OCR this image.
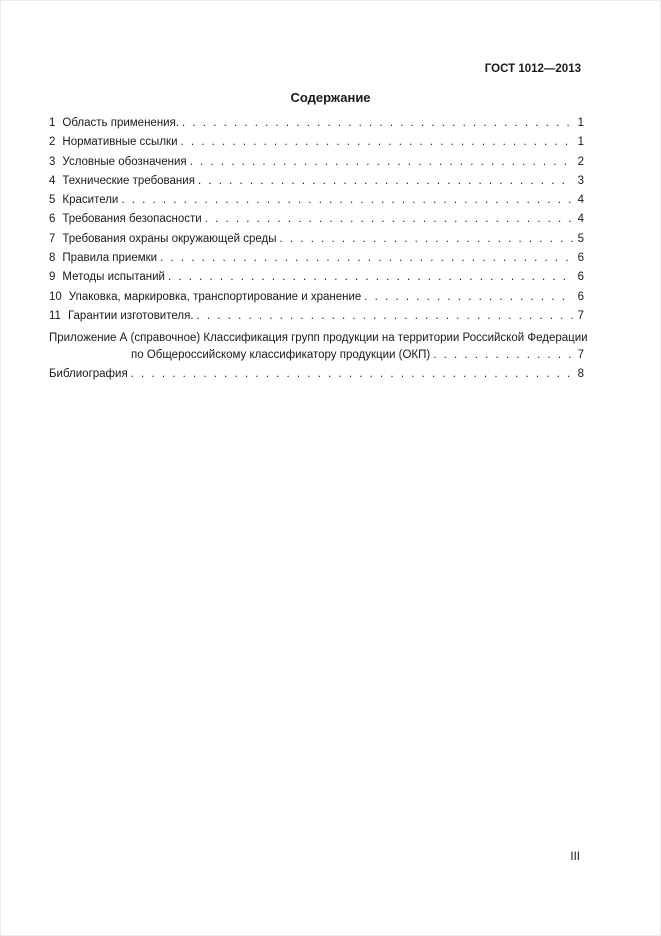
ГОСТ 1012—2013
Содержание
1 Область применения. . . .	1
2 Нормативные ссылки . . .	1
3 Условные обозначения . . .	2
4 Технические требования . . .	3
5 Красители . . .	4
6 Требования безопасности . . .	4
7 Требования охраны окружающей среды . . .	5
8 Правила приемки . . .	6
9 Методы испытаний . . .	6
10 Упаковка, маркировка, транспортирование и хранение . . .	6
11 Гарантии изготовителя. . . .	7
Приложение А (справочное) Классификация групп продукции на территории Российской Федерации
по Общероссийскому классификатору продукции (ОКП) . . .	7
Библиография . . .	8
III
